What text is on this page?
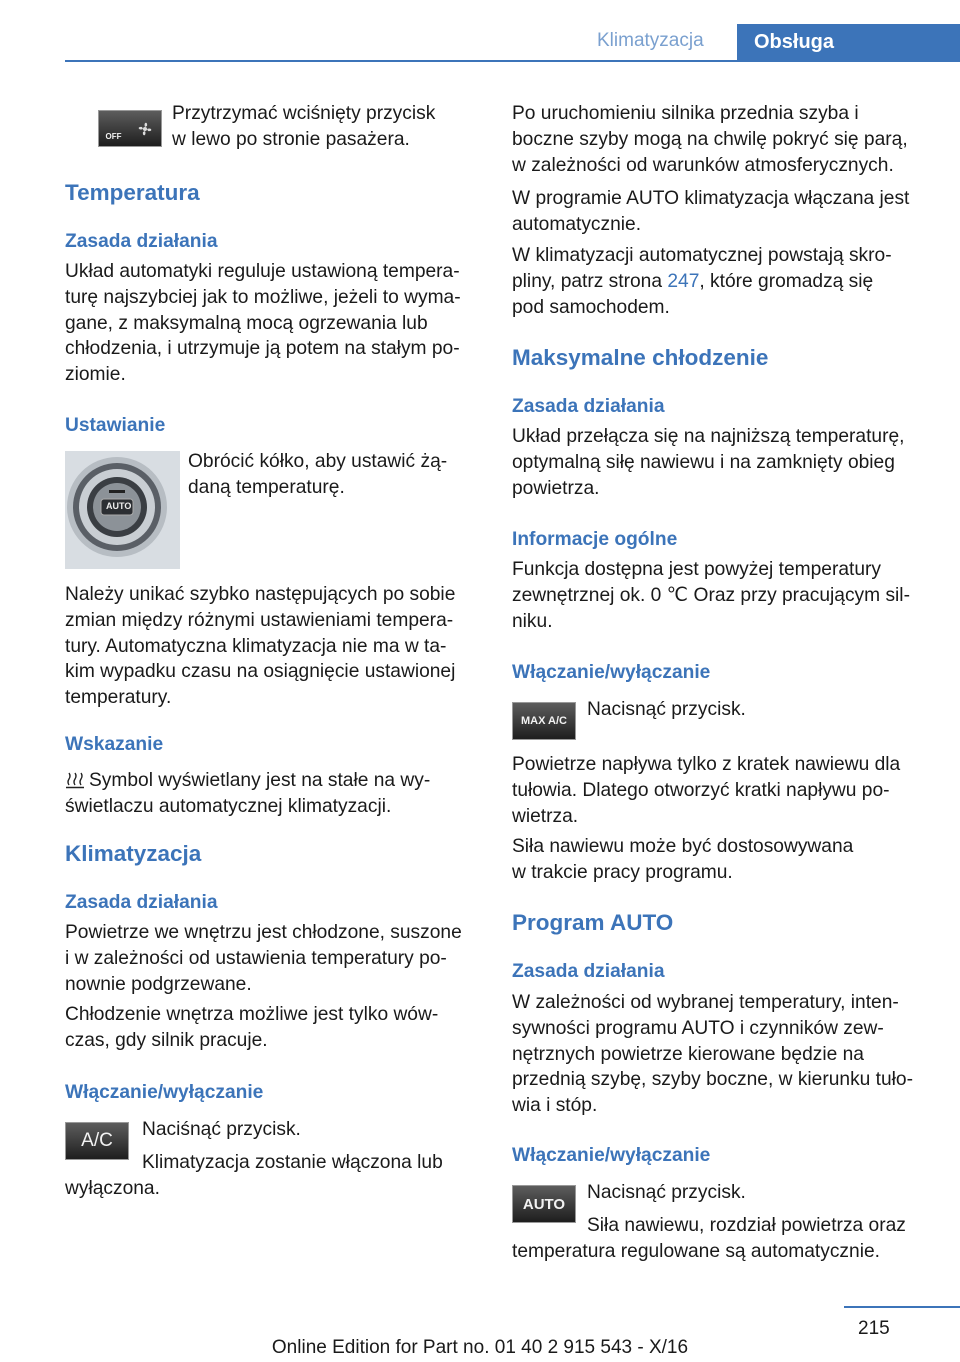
Klimatyzacja	Obsługa
OFF

Przytrzymać wciśnięty przycisk
w lewo po stronie pasażera.

Temperatura
Zasada działania

Układ automatyki reguluje ustawioną tempera-
turę najszybciej jak to możliwe, jeżeli to wyma-
gane, z maksymalną mocą ogrzewania lub
chłodzenia, i utrzymuje ją potem na stałym po-
ziomie.

Ustawianie
AUTO

Obrócić kółko, aby ustawić żą-
daną temperaturę.

Należy unikać szybko następujących po sobie
zmian między różnymi ustawieniami tempera-
tury. Automatyczna klimatyzacja nie ma w ta-
kim wypadku czasu na osiągnięcie ustawionej
temperatury.

Wskazanie

Symbol wyświetlany jest na stałe na wy-

świetlaczu automatycznej klimatyzacji.

Klimatyzacja
Zasada działania

Powietrze we wnętrzu jest chłodzone, suszone
i w zależności od ustawienia temperatury po-
nownie podgrzewane.

Chłodzenie wnętrza możliwe jest tylko wów-
czas, gdy silnik pracuje.

Włączanie/wyłączanie
A/C

Naciśnąć przycisk.

Klimatyzacja zostanie włączona lub

wyłączona.

Po uruchomieniu silnika przednia szyba i
boczne szyby mogą na chwilę pokryć się parą,
w zależności od warunków atmosferycznych.

W programie AUTO klimatyzacja włączana jest
automatycznie.

W klimatyzacji automatycznej powstają skro-
pliny, patrz strona 247, które gromadzą się
pod samochodem.

Maksymalne chłodzenie
Zasada działania

Układ przełącza się na najniższą temperaturę,
optymalną siłę nawiewu i na zamknięty obieg
powietrza.

Informacje ogólne

Funkcja dostępna jest powyżej temperatury
zewnętrznej ok. 0 ℃ Oraz przy pracującym sil-
niku.

Włączanie/wyłączanie
MAX A/C

Nacisnąć przycisk.

Powietrze napływa tylko z kratek nawiewu dla
tułowia. Dlatego otworzyć kratki napływu po-
wietrza.

Siła nawiewu może być dostosowywana
w trakcie pracy programu.

Program AUTO
Zasada działania

W zależności od wybranej temperatury, inten-
sywności programu AUTO i czynników zew-
nętrznych powietrze kierowane będzie na
przednią szybę, szyby boczne, w kierunku tuło-
wia i stóp.

Włączanie/wyłączanie
AUTO

Nacisnąć przycisk.

Siła nawiewu, rozdział powietrza oraz

temperatura regulowane są automatycznie.

215
Online Edition for Part no. 01 40 2 915 543 - X/16
